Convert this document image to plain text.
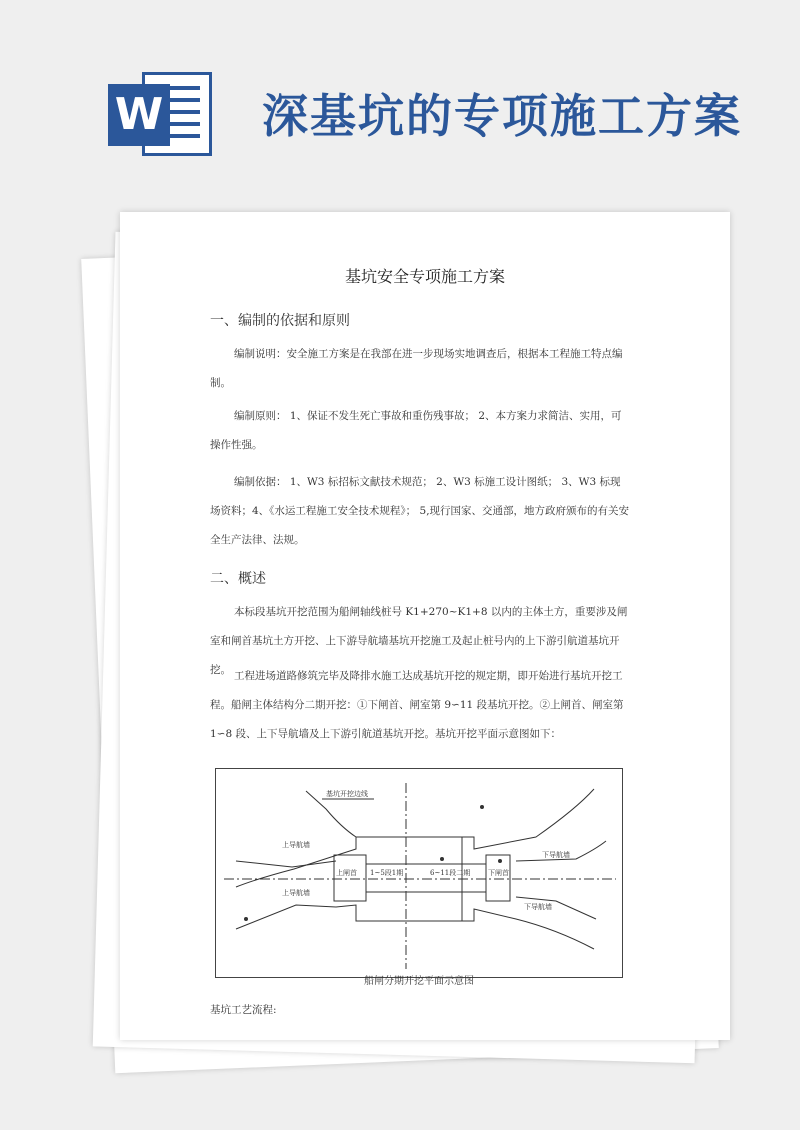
W 深基坑的专项施工方案
基坑安全专项施工方案
一、编制的依据和原则
编制说明：安全施工方案是在我部在进一步现场实地调查后，根据本工程施工特点编制。
编制原则： 1、保证不发生死亡事故和重伤残事故； 2、本方案力求简洁、实用，可操作性强。
编制依据： 1、W3 标招标文献技术规范； 2、W3 标施工设计图纸； 3、W3 标现场资料；4、《水运工程施工安全技术规程》； 5,现行国家、交通部，地方政府颁布的有关安全生产法律、法规。
二、概述
本标段基坑开挖范围为船闸轴线桩号 K1+270~K1+8 以内的主体土方，重要涉及闸室和闸首基坑土方开挖、上下游导航墙基坑开挖施工及起止桩号内的上下游引航道基坑开挖。 工程进场道路修筑完毕及降排水施工达成基坑开挖的规定期，即开始进行基坑开挖工程。船闸主体结构分二期开挖：①下闸首、闸室第 9∽11 段基坑开挖。②上闸首、闸室第 1∽8 段、上下导航墙及上下游引航道基坑开挖。基坑开挖平面示意图如下：
基坑开挖边线
上导航墙
上导航墙
下导航墙
下导航墙
上闸首 1~5段1期	6~11段二期	下闸首
船闸分期开挖平面示意图
基坑工艺流程:
